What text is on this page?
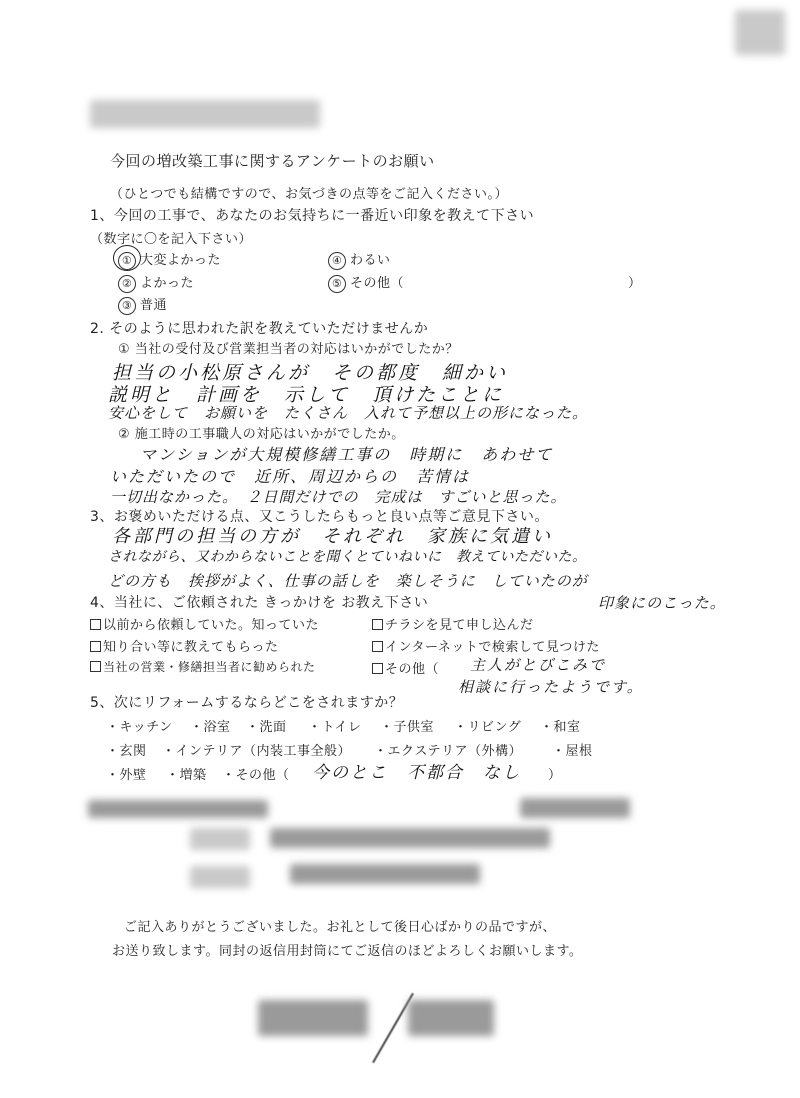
今回の増改築工事に関するアンケートのお願い
（ひとつでも結構ですので、お気づきの点等をご記入ください。）
1、今回の工事で、あなたのお気持ちに一番近い印象を教えて下さい
（数字に〇を記入下さい）
① 大変よかった
② よかった
③ 普通
④ わるい
⑤ その他（	）
2. そのように思われた訳を教えていただけませんか
① 当社の受付及び営業担当者の対応はいかがでしたか？
担当の小松原さんが　その都度　細かい
説明と　計画を　示して　頂けたことに
安心をして　お願いを　たくさん　入れて予想以上の形になった。
② 施工時の工事職人の対応はいかがでしたか。
マンションが大規模修繕工事の　時期に　あわせて
いただいたので　近所、周辺からの　苦情は
一切出なかった。　２日間だけでの　完成は　すごいと思った。
3、お褒めいただける点、又こうしたらもっと良い点等ご意見下さい。
各部門の担当の方が　それぞれ　家族に気遣い
されながら、又わからないことを聞くとていねいに　教えていただいた。
どの方も　挨拶がよく、仕事の話しを　楽しそうに　していたのが
印象にのこった。
4、当社に、ご依頼された きっかけを お教え下さい
以前から依頼していた。知っていた
知り合い等に教えてもらった
当社の営業・修繕担当者に勧められた
チラシを見て申し込んだ
インターネットで検索して見つけた
その他（ 主人がとびこみで
相談に行ったようです。
5、次にリフォームするならどこをされますか？
・キッチン ・浴室 ・洗面 ・トイレ ・子供室 ・リビング ・和室
・玄関 ・インテリア（内装工事全般） ・エクステリア（外構） ・屋根
・外壁 ・増築 ・その他（ 今のとこ　不都合　なし ）
ご記入ありがとうございました。お礼として後日心ばかりの品ですが、
お送り致します。同封の返信用封筒にてご返信のほどよろしくお願いします。
